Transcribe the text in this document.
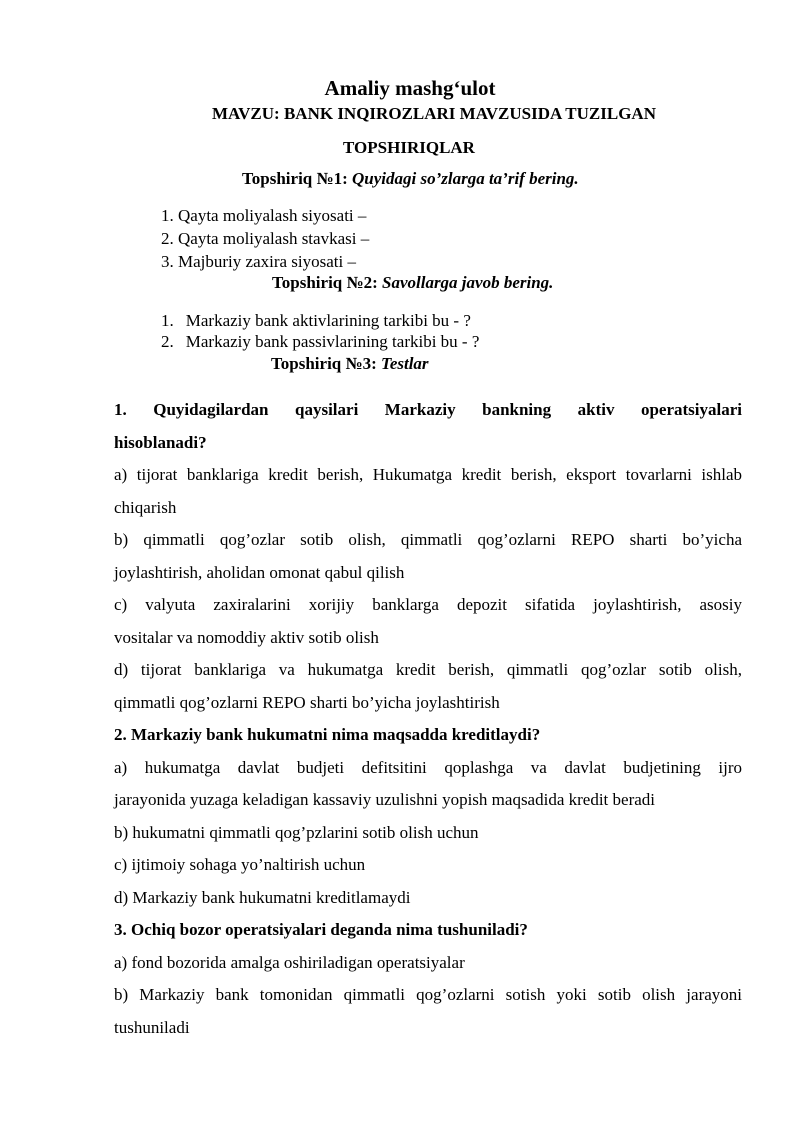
Amaliy mashg‘ulot
MAVZU: BANK INQIROZLARI MAVZUSIDA TUZILGAN
TOPSHIRIQLAR
Topshiriq №1: Quyidagi so’zlarga ta’rif bering.
1. Qayta moliyalash siyosati –
2. Qayta moliyalash stavkasi –
3. Majburiy zaxira siyosati –
Topshiriq №2: Savollarga javob bering.
1. Markaziy bank aktivlarining tarkibi bu - ?
2. Markaziy bank passivlarining tarkibi bu - ?
Topshiriq №3: Testlar

1. Quyidagilardan qaysilari Markaziy bankning aktiv operatsiyalari

hisoblanadi?

a) tijorat banklariga kredit berish, Hukumatga kredit berish, eksport tovarlarni ishlab

chiqarish

b) qimmatli qog’ozlar sotib olish, qimmatli qog’ozlarni REPO sharti bo’yicha

joylashtirish, aholidan omonat qabul qilish

c) valyuta zaxiralarini xorijiy banklarga depozit sifatida joylashtirish, asosiy

vositalar va nomoddiy aktiv sotib olish

d) tijorat banklariga va hukumatga kredit berish, qimmatli qog’ozlar sotib olish,

qimmatli qog’ozlarni REPO sharti bo’yicha joylashtirish

2. Markaziy bank hukumatni nima maqsadda kreditlaydi?

a) hukumatga davlat budjeti defitsitini qoplashga va davlat budjetining ijro

jarayonida yuzaga keladigan kassaviy uzulishni yopish maqsadida kredit beradi

b) hukumatni qimmatli qog’pzlarini sotib olish uchun

c) ijtimoiy sohaga yo’naltirish uchun

d) Markaziy bank hukumatni kreditlamaydi

3. Ochiq bozor operatsiyalari deganda nima tushuniladi?

a) fond bozorida amalga oshiriladigan operatsiyalar

b) Markaziy bank tomonidan qimmatli qog’ozlarni sotish yoki sotib olish jarayoni

tushuniladi
